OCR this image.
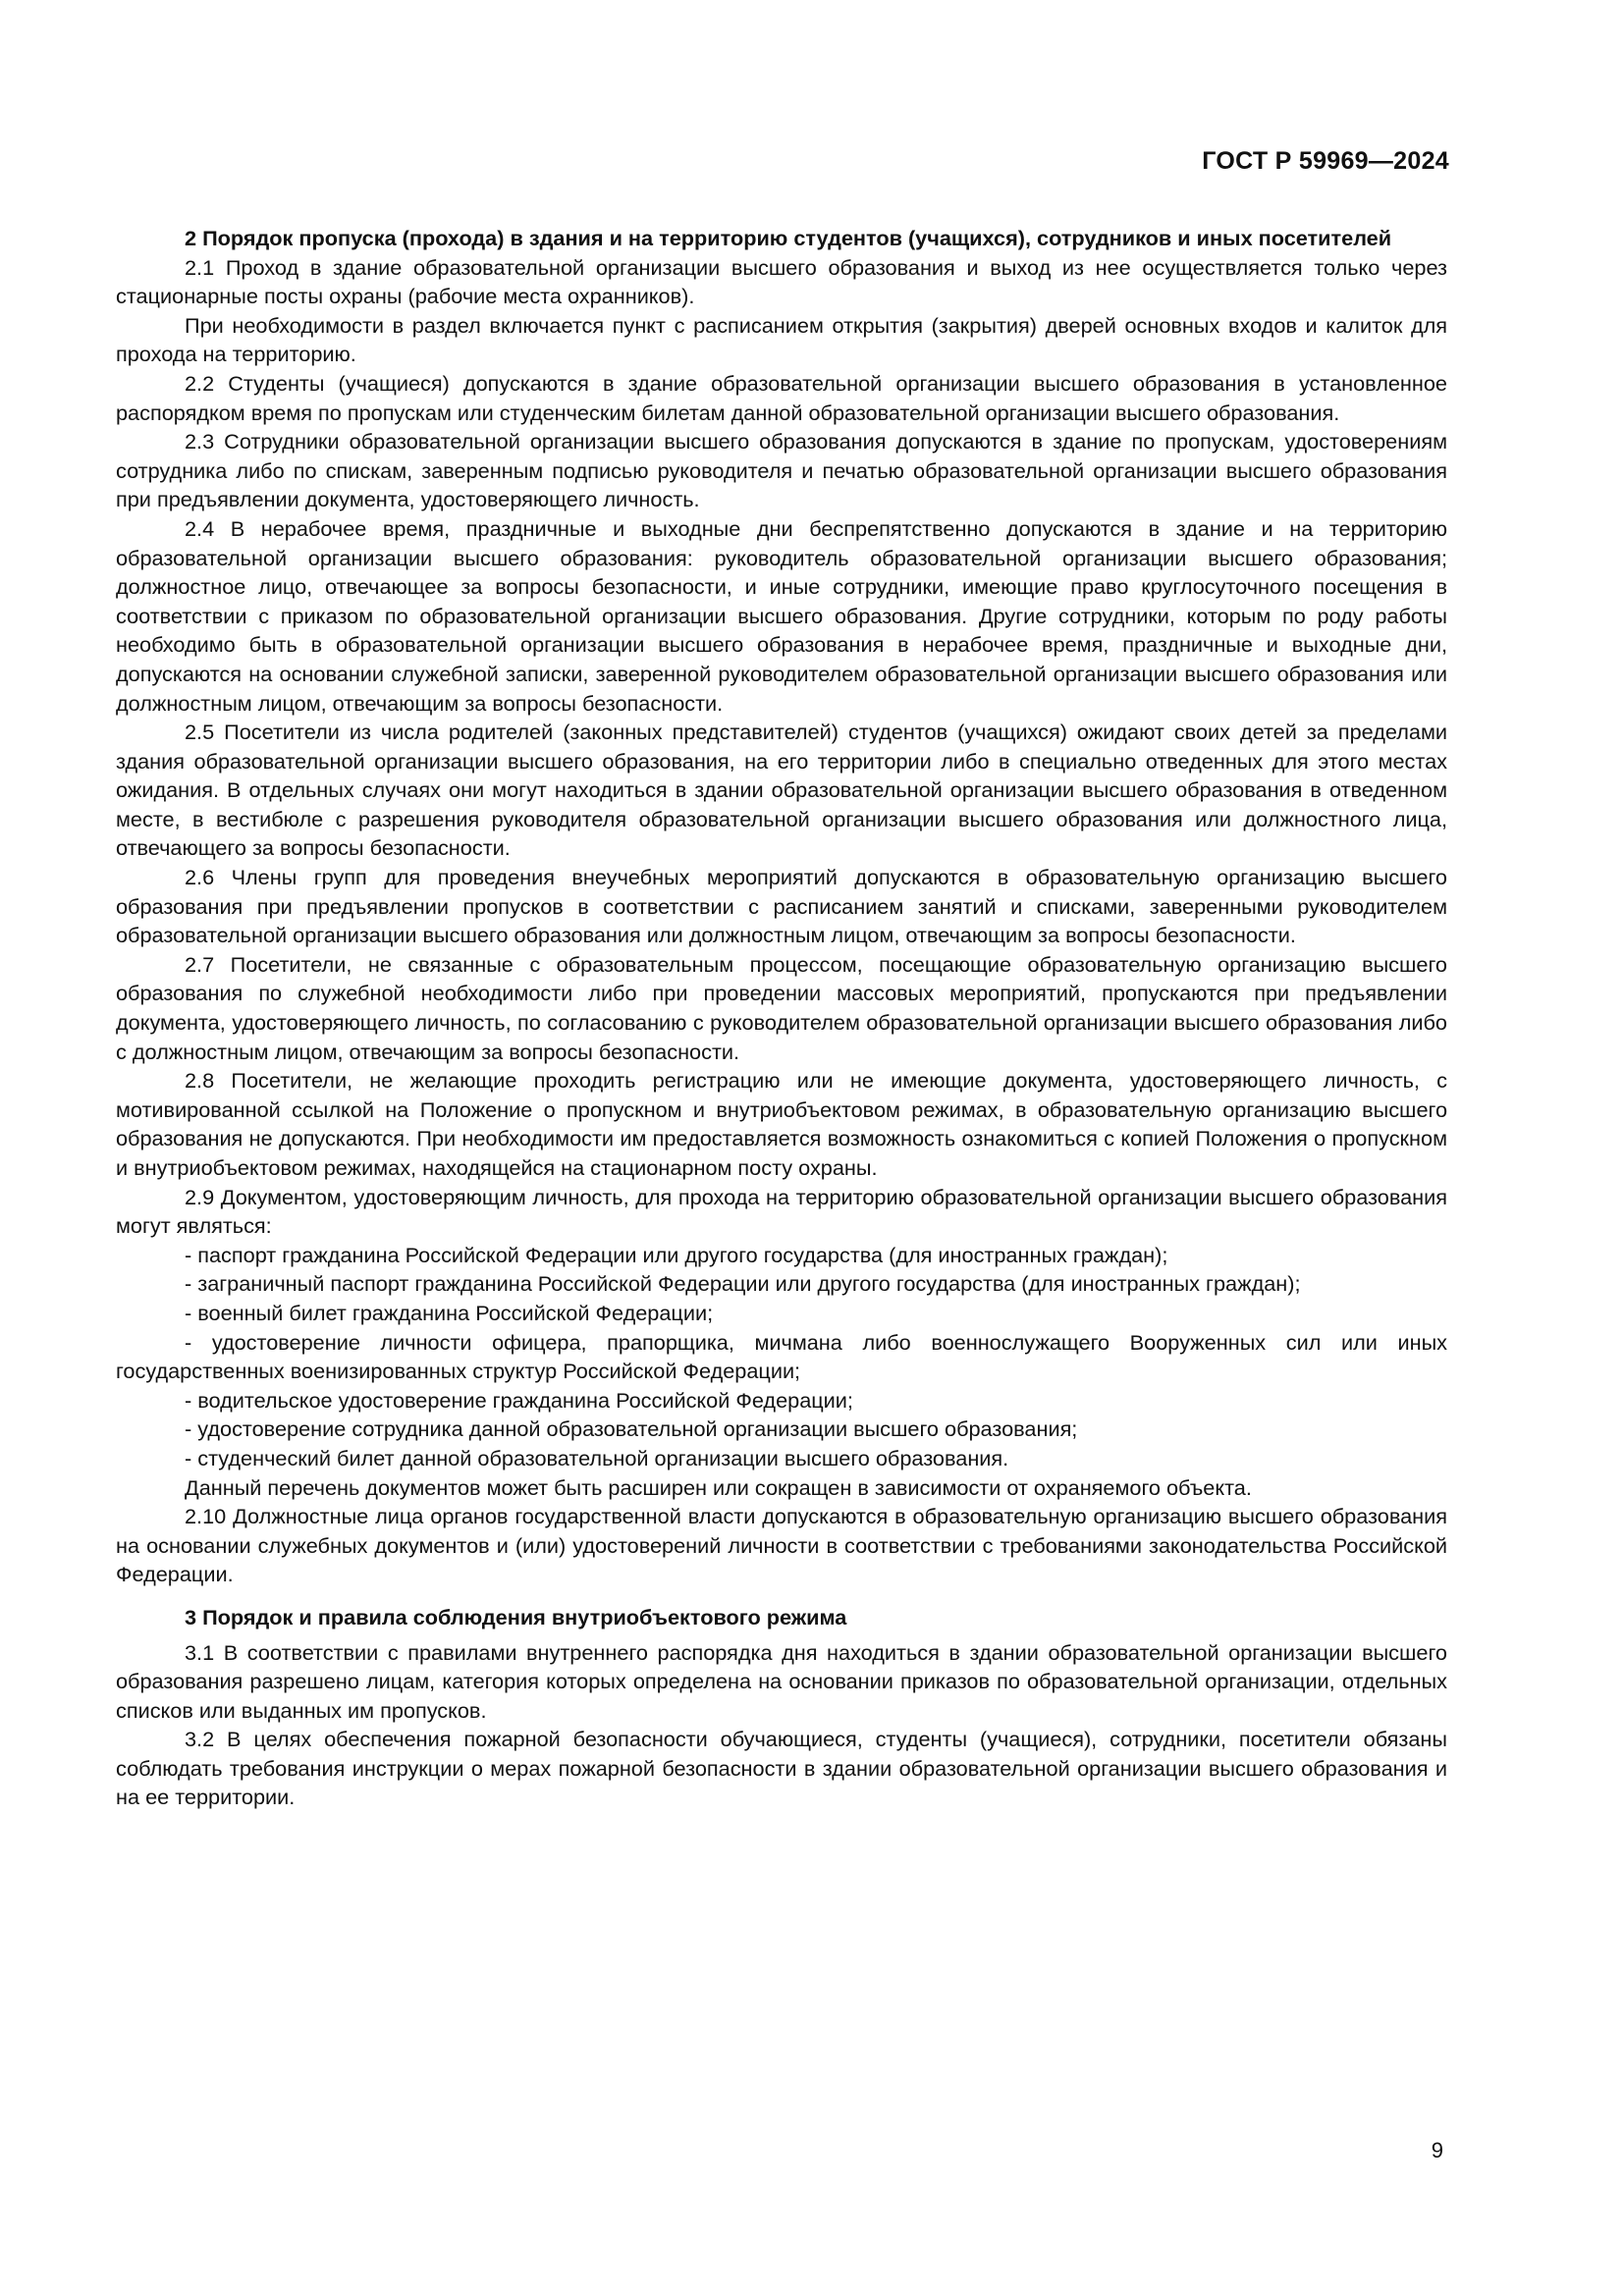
ГОСТ Р 59969—2024

2 Порядок пропуска (прохода) в здания и на территорию студентов (учащихся), сотрудников и иных посетителей

2.1 Проход в здание образовательной организации высшего образования и выход из нее осуществляется только через стационарные посты охраны (рабочие места охранников).

При необходимости в раздел включается пункт с расписанием открытия (закрытия) дверей основных входов и калиток для прохода на территорию.

2.2 Студенты (учащиеся) допускаются в здание образовательной организации высшего образования в установленное распорядком время по пропускам или студенческим билетам данной образовательной организации высшего образования.

2.3 Сотрудники образовательной организации высшего образования допускаются в здание по пропускам, удостоверениям сотрудника либо по спискам, заверенным подписью руководителя и печатью образовательной организации высшего образования при предъявлении документа, удостоверяющего личность.

2.4 В нерабочее время, праздничные и выходные дни беспрепятственно допускаются в здание и на территорию образовательной организации высшего образования: руководитель образовательной организации высшего образования; должностное лицо, отвечающее за вопросы безопасности, и иные сотрудники, имеющие право круглосуточного посещения в соответствии с приказом по образовательной организации высшего образования. Другие сотрудники, которым по роду работы необходимо быть в образовательной организации высшего образования в нерабочее время, праздничные и выходные дни, допускаются на основании служебной записки, заверенной руководителем образовательной организации высшего образования или должностным лицом, отвечающим за вопросы безопасности.

2.5 Посетители из числа родителей (законных представителей) студентов (учащихся) ожидают своих детей за пределами здания образовательной организации высшего образования, на его территории либо в специально отведенных для этого местах ожидания. В отдельных случаях они могут находиться в здании образовательной организации высшего образования в отведенном месте, в вестибюле с разрешения руководителя образовательной организации высшего образования или должностного лица, отвечающего за вопросы безопасности.

2.6 Члены групп для проведения внеучебных мероприятий допускаются в образовательную организацию высшего образования при предъявлении пропусков в соответствии с расписанием занятий и списками, заверенными руководителем образовательной организации высшего образования или должностным лицом, отвечающим за вопросы безопасности.

2.7 Посетители, не связанные с образовательным процессом, посещающие образовательную организацию высшего образования по служебной необходимости либо при проведении массовых мероприятий, пропускаются при предъявлении документа, удостоверяющего личность, по согласованию с руководителем образовательной организации высшего образования либо с должностным лицом, отвечающим за вопросы безопасности.

2.8 Посетители, не желающие проходить регистрацию или не имеющие документа, удостоверяющего личность, с мотивированной ссылкой на Положение о пропускном и внутриобъектовом режимах, в образовательную организацию высшего образования не допускаются. При необходимости им предоставляется возможность ознакомиться с копией Положения о пропускном и внутриобъектовом режимах, находящейся на стационарном посту охраны.

2.9 Документом, удостоверяющим личность, для прохода на территорию образовательной организации высшего образования могут являться:

- паспорт гражданина Российской Федерации или другого государства (для иностранных граждан);

- заграничный паспорт гражданина Российской Федерации или другого государства (для иностранных граждан);

- военный билет гражданина Российской Федерации;

- удостоверение личности офицера, прапорщика, мичмана либо военнослужащего Вооруженных сил или иных государственных военизированных структур Российской Федерации;

- водительское удостоверение гражданина Российской Федерации;

- удостоверение сотрудника данной образовательной организации высшего образования;

- студенческий билет данной образовательной организации высшего образования.

Данный перечень документов может быть расширен или сокращен в зависимости от охраняемого объекта.

2.10 Должностные лица органов государственной власти допускаются в образовательную организацию высшего образования на основании служебных документов и (или) удостоверений личности в соответствии с требованиями законодательства Российской Федерации.

3 Порядок и правила соблюдения внутриобъектового режима

3.1 В соответствии с правилами внутреннего распорядка дня находиться в здании образовательной организации высшего образования разрешено лицам, категория которых определена на основании приказов по образовательной организации, отдельных списков или выданных им пропусков.

3.2 В целях обеспечения пожарной безопасности обучающиеся, студенты (учащиеся), сотрудники, посетители обязаны соблюдать требования инструкции о мерах пожарной безопасности в здании образовательной организации высшего образования и на ее территории.

9
